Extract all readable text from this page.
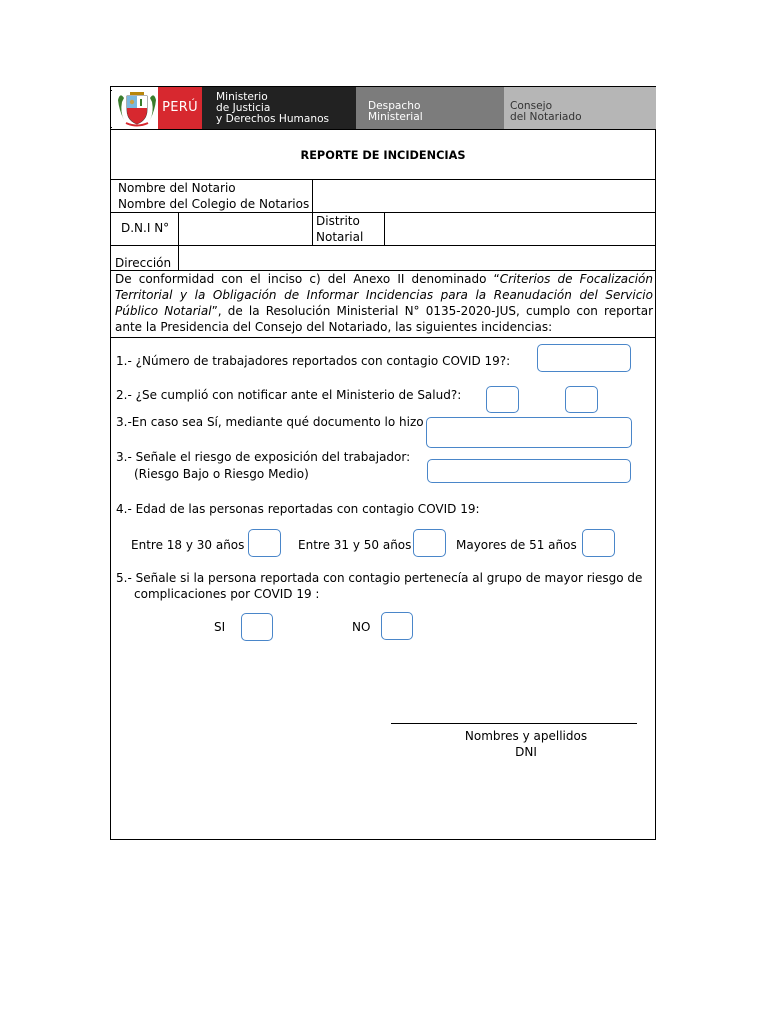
PERÚ
Ministerio
de Justicia
y Derechos Humanos
Despacho
Ministerial
Consejo
del Notariado
REPORTE DE INCIDENCIAS
Nombre del Notario
Nombre del Colegio de Notarios
D.N.I N°	Distrito
Notarial
Dirección
De conformidad con el inciso c) del Anexo II denominado “Criterios de Focalización Territorial y la Obligación de Informar Incidencias para la Reanudación del Servicio Público Notarial”, de la Resolución Ministerial N° 0135-2020-JUS, cumplo con reportar ante la Presidencia del Consejo del Notariado, las siguientes incidencias:
1.- ¿Número de trabajadores reportados con contagio COVID 19?:
2.- ¿Se cumplió con notificar ante el Ministerio de Salud?:
3.-En caso sea Sí, mediante qué documento lo hizo
3.- Señale el riesgo de exposición del trabajador:
(Riesgo Bajo o Riesgo Medio)
4.- Edad de las personas reportadas con contagio COVID 19:
Entre 18 y 30 años	Entre 31 y 50 años	Mayores de 51 años
5.- Señale si la persona reportada con contagio pertenecía al grupo de mayor riesgo de
complicaciones por COVID 19 :
SI	NO
Nombres y apellidos
DNI
